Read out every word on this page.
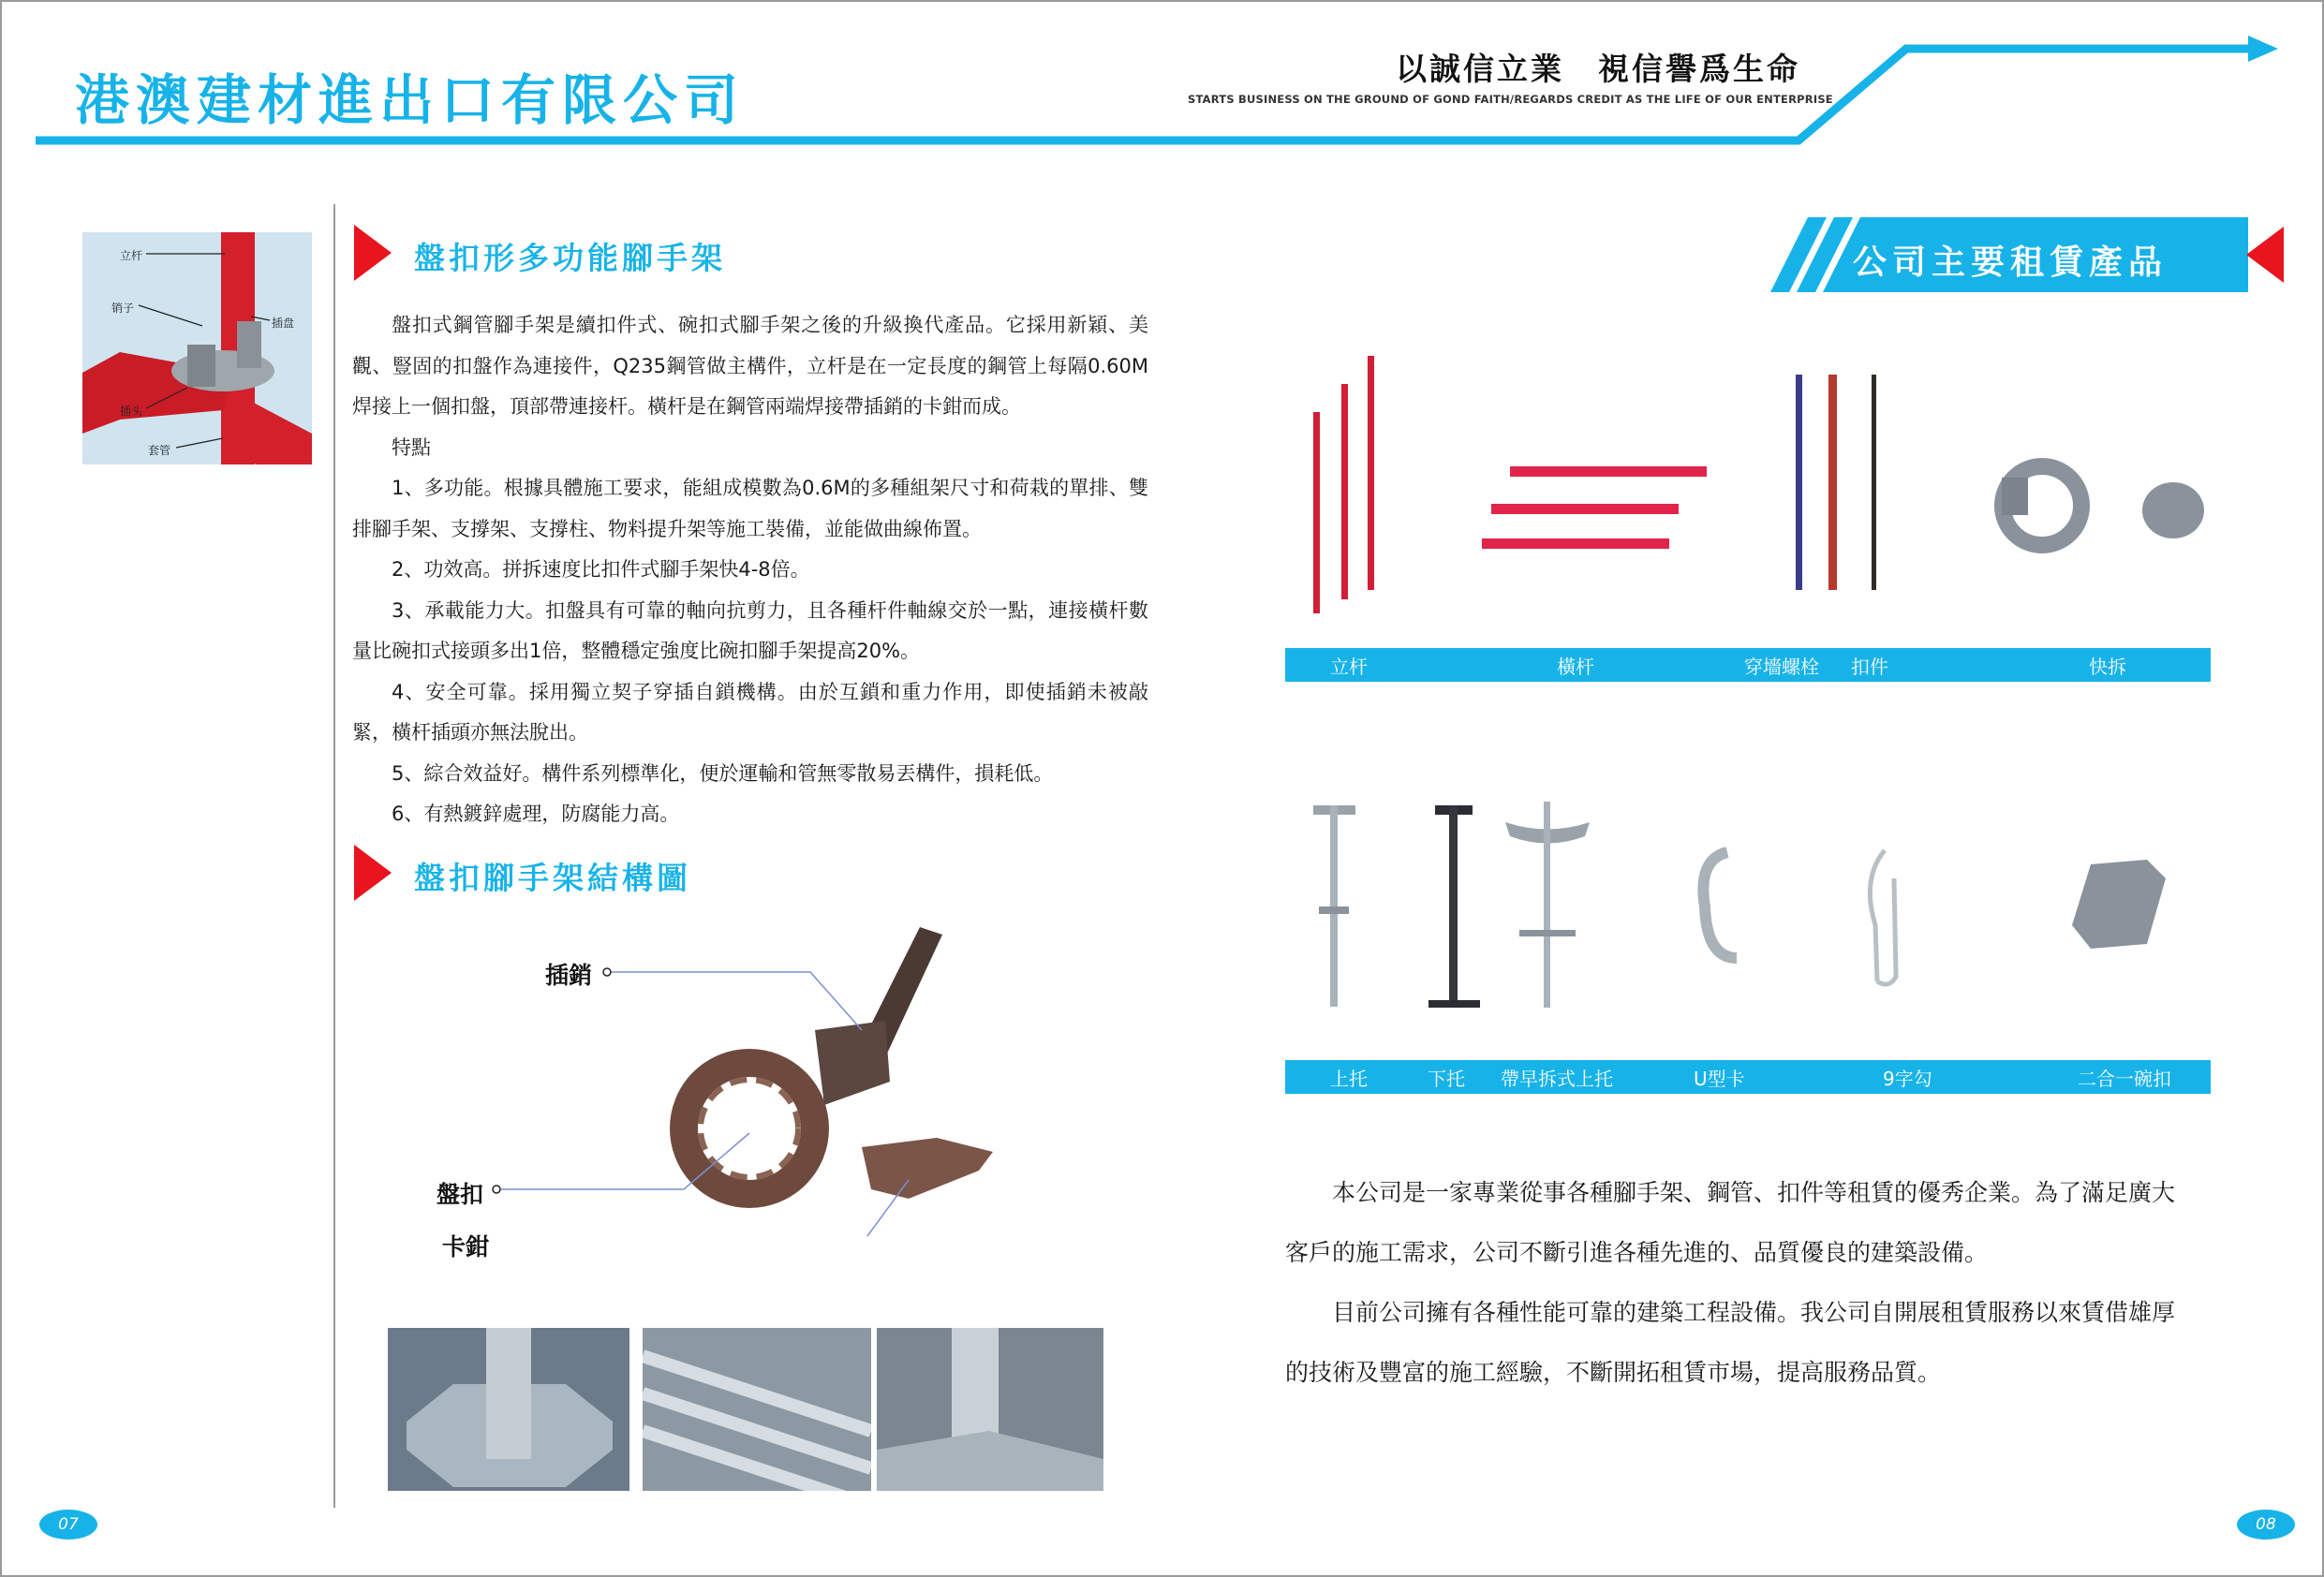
港澳建材進出口有限公司	以誠信立業　視信譽爲生命
STARTS BUSINESS ON THE GROUND OF GOND FAITH/REGARDS CREDIT AS THE LIFE OF OUR ENTERPRISE
立杆
销子
插盘
插头
套管
盤扣形多功能腳手架

盤扣式鋼管腳手架是續扣件式、碗扣式腳手架之後的升級換代產品。它採用新穎、美觀、豎固的扣盤作為連接件，Q235鋼管做主構件，立杆是在一定長度的鋼管上每隔0.60M焊接上一個扣盤，頂部帶連接杆。橫杆是在鋼管兩端焊接帶插銷的卡鉗而成。

特點

1、多功能。根據具體施工要求，能組成模數為0.6M的多種組架尺寸和荷栽的單排、雙排腳手架、支撐架、支撐柱、物料提升架等施工裝備，並能做曲線佈置。

2、功效高。拼拆速度比扣件式腳手架快4-8倍。

3、承載能力大。扣盤具有可靠的軸向抗剪力，且各種杆件軸線交於一點，連接橫杆數量比碗扣式接頭多出1倍，整體穩定強度比碗扣腳手架提高20%。

4、安全可靠。採用獨立契子穿插自鎖機構。由於互鎖和重力作用，即使插銷未被敲緊，橫杆插頭亦無法脫出。

5、綜合效益好。構件系列標準化，便於運輸和管無零散易丟構件，損耗低。

6、有熱鍍鋅處理，防腐能力高。

盤扣腳手架結構圖
插銷
盤扣
卡鉗
07
公司主要租賃產品
立杆	橫杆	穿墻螺栓 扣件	快拆
上托	下托 帶早拆式上托	U型卡	9字勾	二合一碗扣

本公司是一家專業從事各種腳手架、鋼管、扣件等租賃的優秀企業。為了滿足廣大客戶的施工需求，公司不斷引進各種先進的、品質優良的建築設備。

目前公司擁有各種性能可靠的建築工程設備。我公司自開展租賃服務以來賃借雄厚的技術及豐富的施工經驗，不斷開拓租賃市場，提高服務品質。

08
